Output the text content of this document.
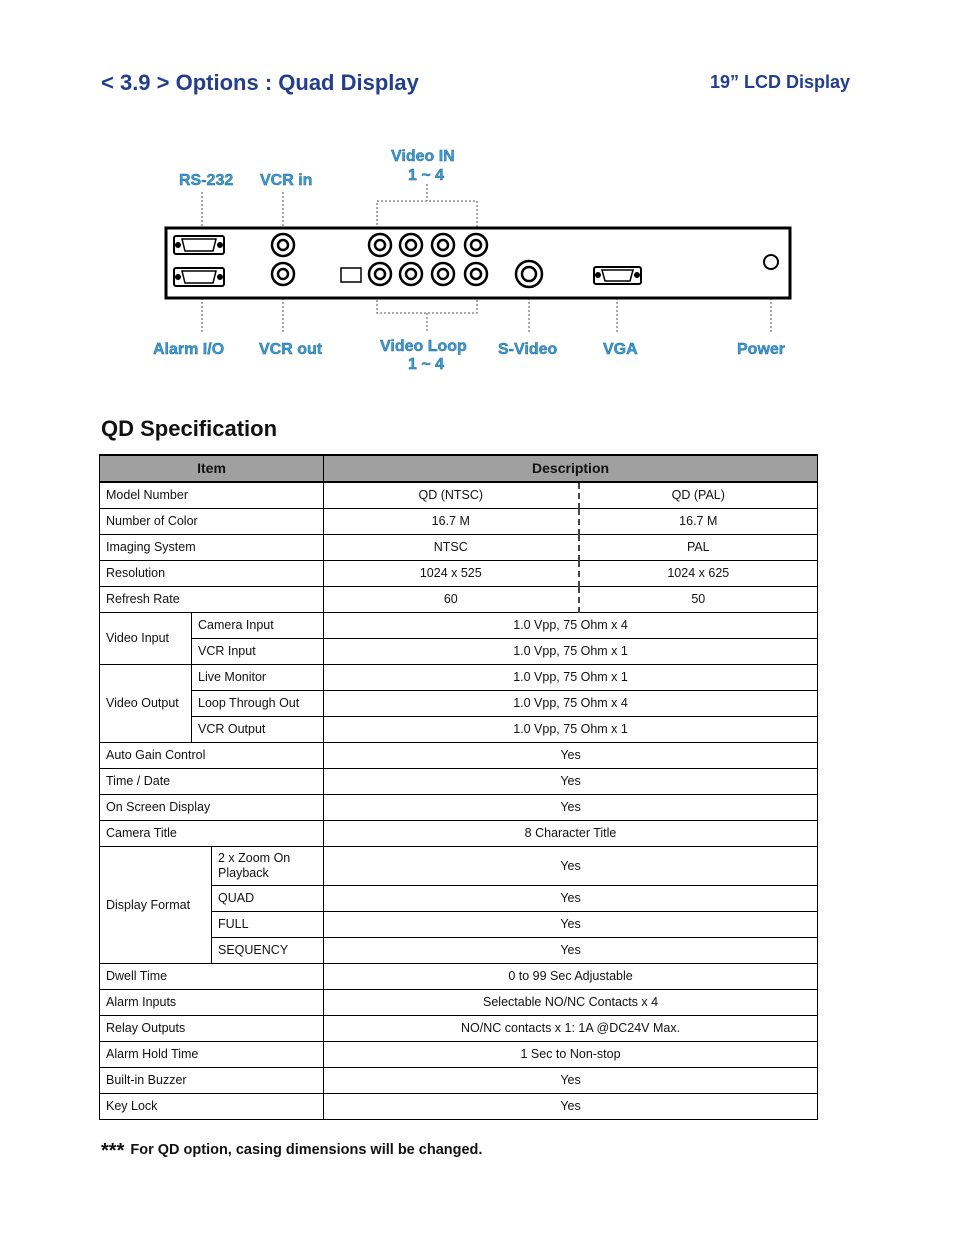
< 3.9 > Options : Quad Display	19” LCD Display
RS-232 VCR in
Video IN
1 ~ 4
Alarm I/O VCR out	Video Loop
1 ~ 4
S-Video	VGA	Power
QD Specification
Item			Description	
Model Number			QD (NTSC)	QD (PAL)
Number of Color			16.7 M	16.7 M
Imaging System			NTSC	PAL
Resolution			1024 x 525	1024 x 625
Refresh Rate			60	50
Video Input	Camera Input		1.0 Vpp, 75 Ohm x 4	
	VCR Input		1.0 Vpp, 75 Ohm x 1	
Video Output	Live Monitor		1.0 Vpp, 75 Ohm x 1	
	Loop Through Out		1.0 Vpp, 75 Ohm x 4	
	VCR Output		1.0 Vpp, 75 Ohm x 1	
Auto Gain Control			Yes	
Time / Date			Yes	
On Screen Display			Yes	
Camera Title			8 Character Title	
Display Format		2 x Zoom On Playback	Yes	
		QUAD	Yes	
		FULL	Yes	
		SEQUENCY	Yes	
Dwell Time			0 to 99 Sec Adjustable	
Alarm Inputs			Selectable NO/NC Contacts x 4	
Relay Outputs			NO/NC contacts x 1: 1A @DC24V Max.	
Alarm Hold Time			1 Sec to Non-stop	
Built-in Buzzer			Yes	
Key Lock			Yes	
*** For QD option, casing dimensions will be changed.
